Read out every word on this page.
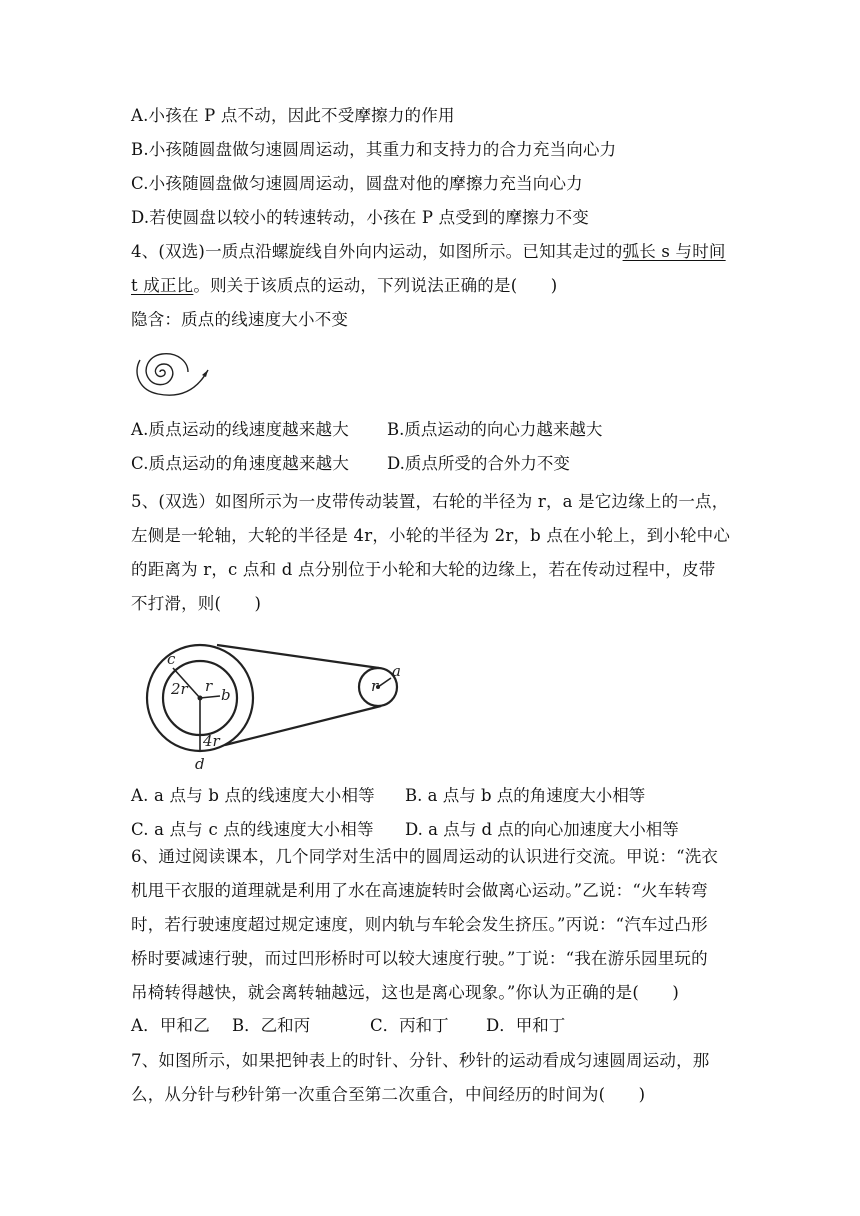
A.小孩在 P 点不动，因此不受摩擦力的作用
B.小孩随圆盘做匀速圆周运动，其重力和支持力的合力充当向心力
C.小孩随圆盘做匀速圆周运动，圆盘对他的摩擦力充当向心力
D.若使圆盘以较小的转速转动，小孩在 P 点受到的摩擦力不变
4、(双选)一质点沿螺旋线自外向内运动，如图所示。已知其走过的弧长 s 与时间
t 成正比。则关于该质点的运动，下列说法正确的是(　　)
隐含：质点的线速度大小不变
A.质点运动的线速度越来越大 B.质点运动的向心力越来越大
C.质点运动的角速度越来越大 D.质点所受的合外力不变
5、(双选）如图所示为一皮带传动装置，右轮的半径为 r，a 是它边缘上的一点，
左侧是一轮轴，大轮的半径是 4r，小轮的半径为 2r，b 点在小轮上，到小轮中心
的距离为 r，c 点和 d 点分别位于小轮和大轮的边缘上，若在传动过程中，皮带
不打滑，则(　　)
c
b
a
d
2r r
4r
r
A. a 点与 b 点的线速度大小相等 B. a 点与 b 点的角速度大小相等
C. a 点与 c 点的线速度大小相等 D. a 点与 d 点的向心加速度大小相等
6、通过阅读课本，几个同学对生活中的圆周运动的认识进行交流。甲说：“洗衣
机甩干衣服的道理就是利用了水在高速旋转时会做离心运动。”乙说：“火车转弯
时，若行驶速度超过规定速度，则内轨与车轮会发生挤压。”丙说：“汽车过凸形
桥时要减速行驶，而过凹形桥时可以较大速度行驶。”丁说：“我在游乐园里玩的
吊椅转得越快，就会离转轴越远，这也是离心现象。”你认为正确的是(　　)
A．甲和乙 B．乙和丙	C．丙和丁 D．甲和丁
7、如图所示，如果把钟表上的时针、分针、秒针的运动看成匀速圆周运动，那
么，从分针与秒针第一次重合至第二次重合，中间经历的时间为(　　)
